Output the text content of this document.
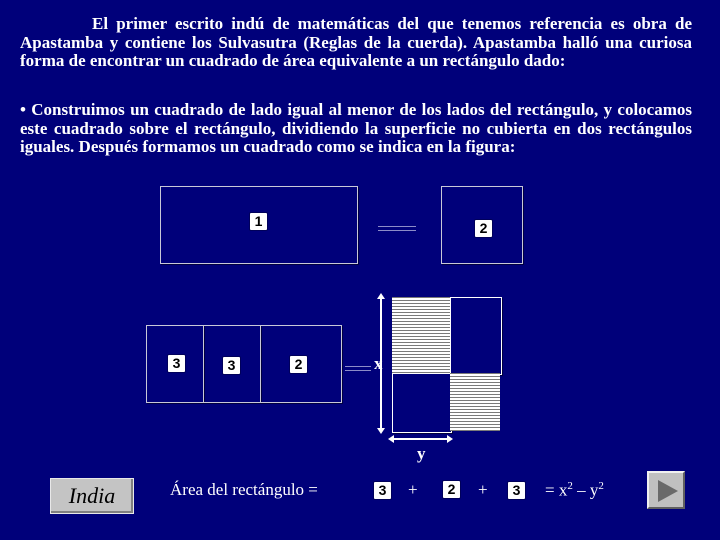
El primer escrito indú de matemáticas del que tenemos referencia es obra de Apastamba y contiene los Sulvasutra (Reglas de la cuerda). Apastamba halló una curiosa forma de encontrar un cuadrado de área equivalente a un rectángulo dado:

• Construimos un cuadrado de lado igual al menor de los lados del rectángulo, y colocamos este cuadrado sobre el rectángulo, dividiendo la superficie no cubierta en dos rectángulos iguales. Después formamos un cuadrado como se indica en la figura:

1	2
3	3	2	x
y
India	Área del rectángulo =	3	+	2	+	3	= $x^2 - y^2$
